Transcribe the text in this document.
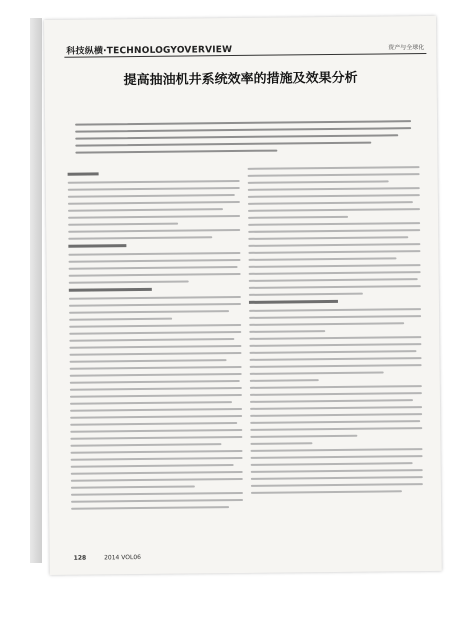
科技纵横·TECHNOLOGYOVERVIEW	资产与全球化
提高抽油机井系统效率的措施及效果分析
128	2014 VOL06
